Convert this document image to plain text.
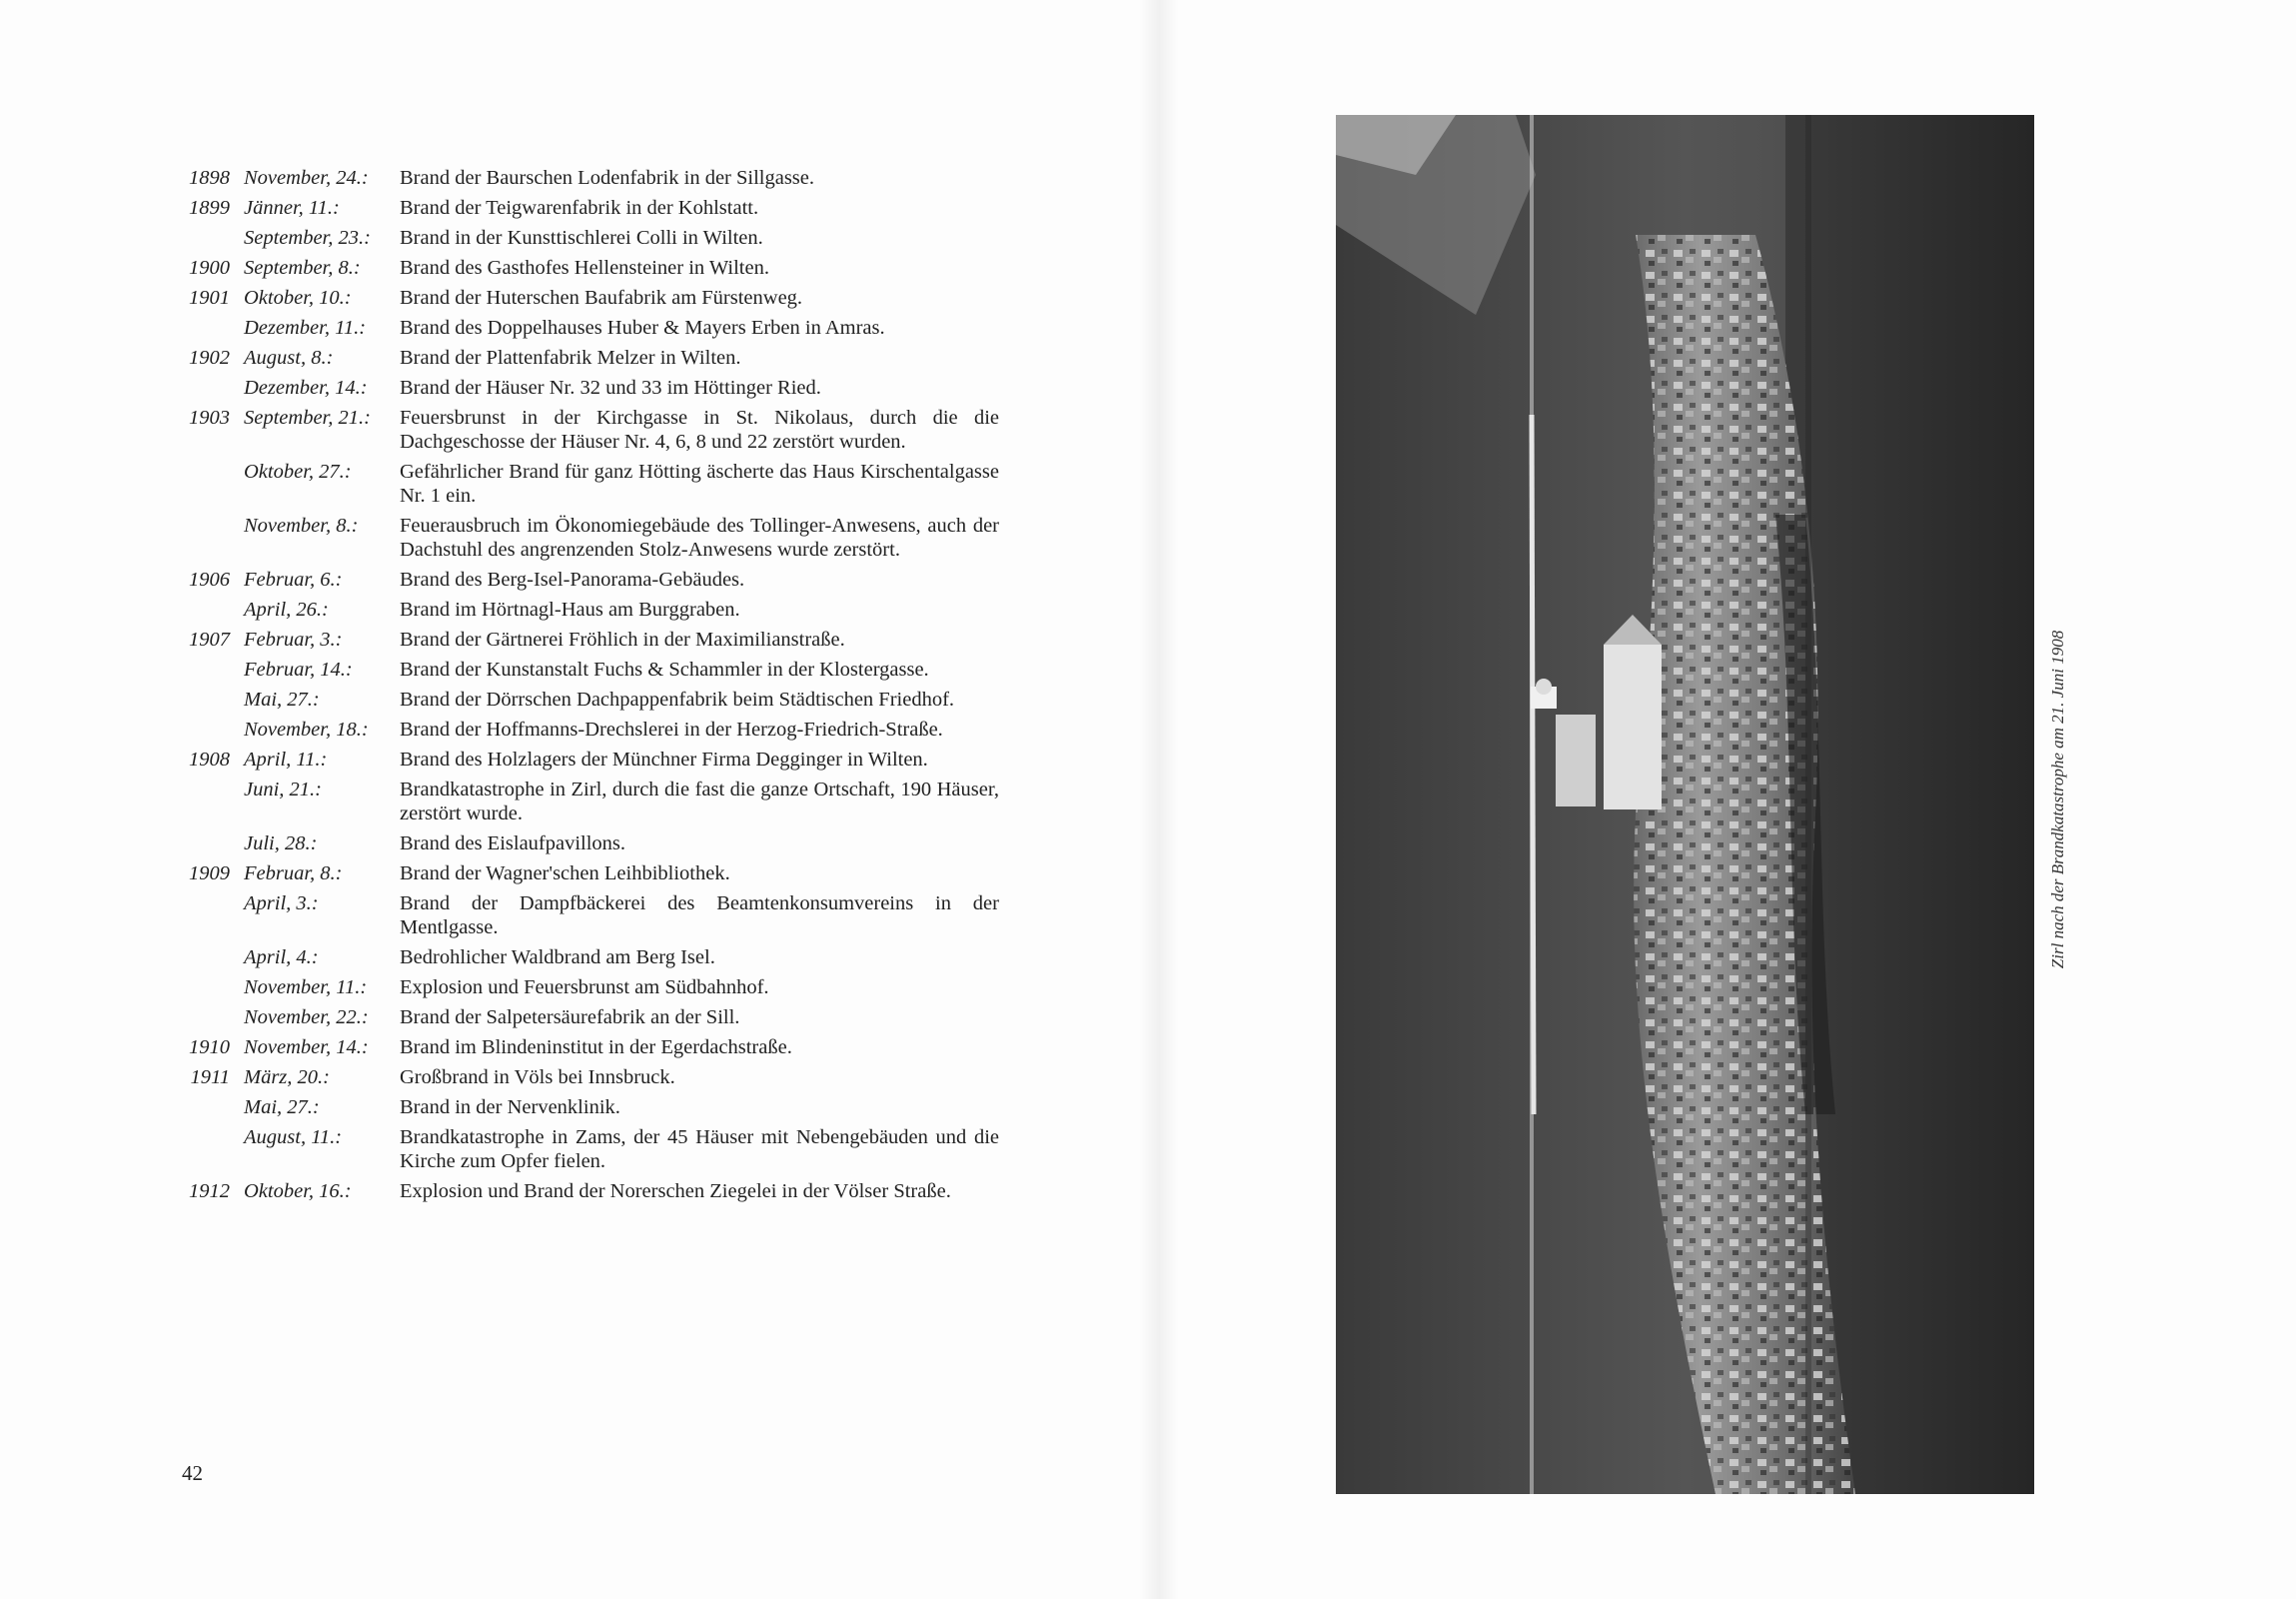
1898 November, 24.:	Brand der Baurschen Lodenfabrik in der Sillgasse.
1899 Jänner, 11.:	Brand der Teigwarenfabrik in der Kohlstatt.
September, 23.:	Brand in der Kunsttischlerei Colli in Wilten.
1900 September, 8.:	Brand des Gasthofes Hellensteiner in Wilten.
1901 Oktober, 10.:	Brand der Huterschen Baufabrik am Fürstenweg.
Dezember, 11.:	Brand des Doppelhauses Huber & Mayers Erben in Amras.
1902 August, 8.:	Brand der Plattenfabrik Melzer in Wilten.
Dezember, 14.:	Brand der Häuser Nr. 32 und 33 im Höttinger Ried.
1903 September, 21.:	Feuersbrunst in der Kirchgasse in St. Nikolaus, durch die die Dachgeschosse der Häuser Nr. 4, 6, 8 und 22 zerstört wurden.
Oktober, 27.:	Gefährlicher Brand für ganz Hötting äscherte das Haus Kirschentalgasse Nr. 1 ein.
November, 8.:	Feuerausbruch im Ökonomiegebäude des Tollinger-Anwesens, auch der Dachstuhl des angrenzenden Stolz-Anwesens wurde zerstört.
1906 Februar, 6.:	Brand des Berg-Isel-Panorama-Gebäudes.
April, 26.:	Brand im Hörtnagl-Haus am Burggraben.
1907 Februar, 3.:	Brand der Gärtnerei Fröhlich in der Maximilianstraße.
Februar, 14.:	Brand der Kunstanstalt Fuchs & Schammler in der Klostergasse.
Mai, 27.:	Brand der Dörrschen Dachpappenfabrik beim Städtischen Friedhof.
November, 18.:	Brand der Hoffmanns-Drechslerei in der Herzog-Friedrich-Straße.
1908 April, 11.:	Brand des Holzlagers der Münchner Firma Degginger in Wilten.
Juni, 21.:	Brandkatastrophe in Zirl, durch die fast die ganze Ortschaft, 190 Häuser, zerstört wurde.
Juli, 28.:	Brand des Eislaufpavillons.
1909 Februar, 8.:	Brand der Wagner'schen Leihbibliothek.
April, 3.:	Brand der Dampfbäckerei des Beamtenkonsumvereins in der Mentlgasse.
April, 4.:	Bedrohlicher Waldbrand am Berg Isel.
November, 11.:	Explosion und Feuersbrunst am Südbahnhof.
November, 22.:	Brand der Salpetersäurefabrik an der Sill.
1910 November, 14.:	Brand im Blindeninstitut in der Egerdachstraße.
1911 März, 20.:	Großbrand in Völs bei Innsbruck.
Mai, 27.:	Brand in der Nervenklinik.
August, 11.:	Brandkatastrophe in Zams, der 45 Häuser mit Nebengebäuden und die Kirche zum Opfer fielen.
1912 Oktober, 16.:	Explosion und Brand der Norerschen Ziegelei in der Völser Straße.
42
Zirl nach der Brandkatastrophe am 21. Juni 1908
